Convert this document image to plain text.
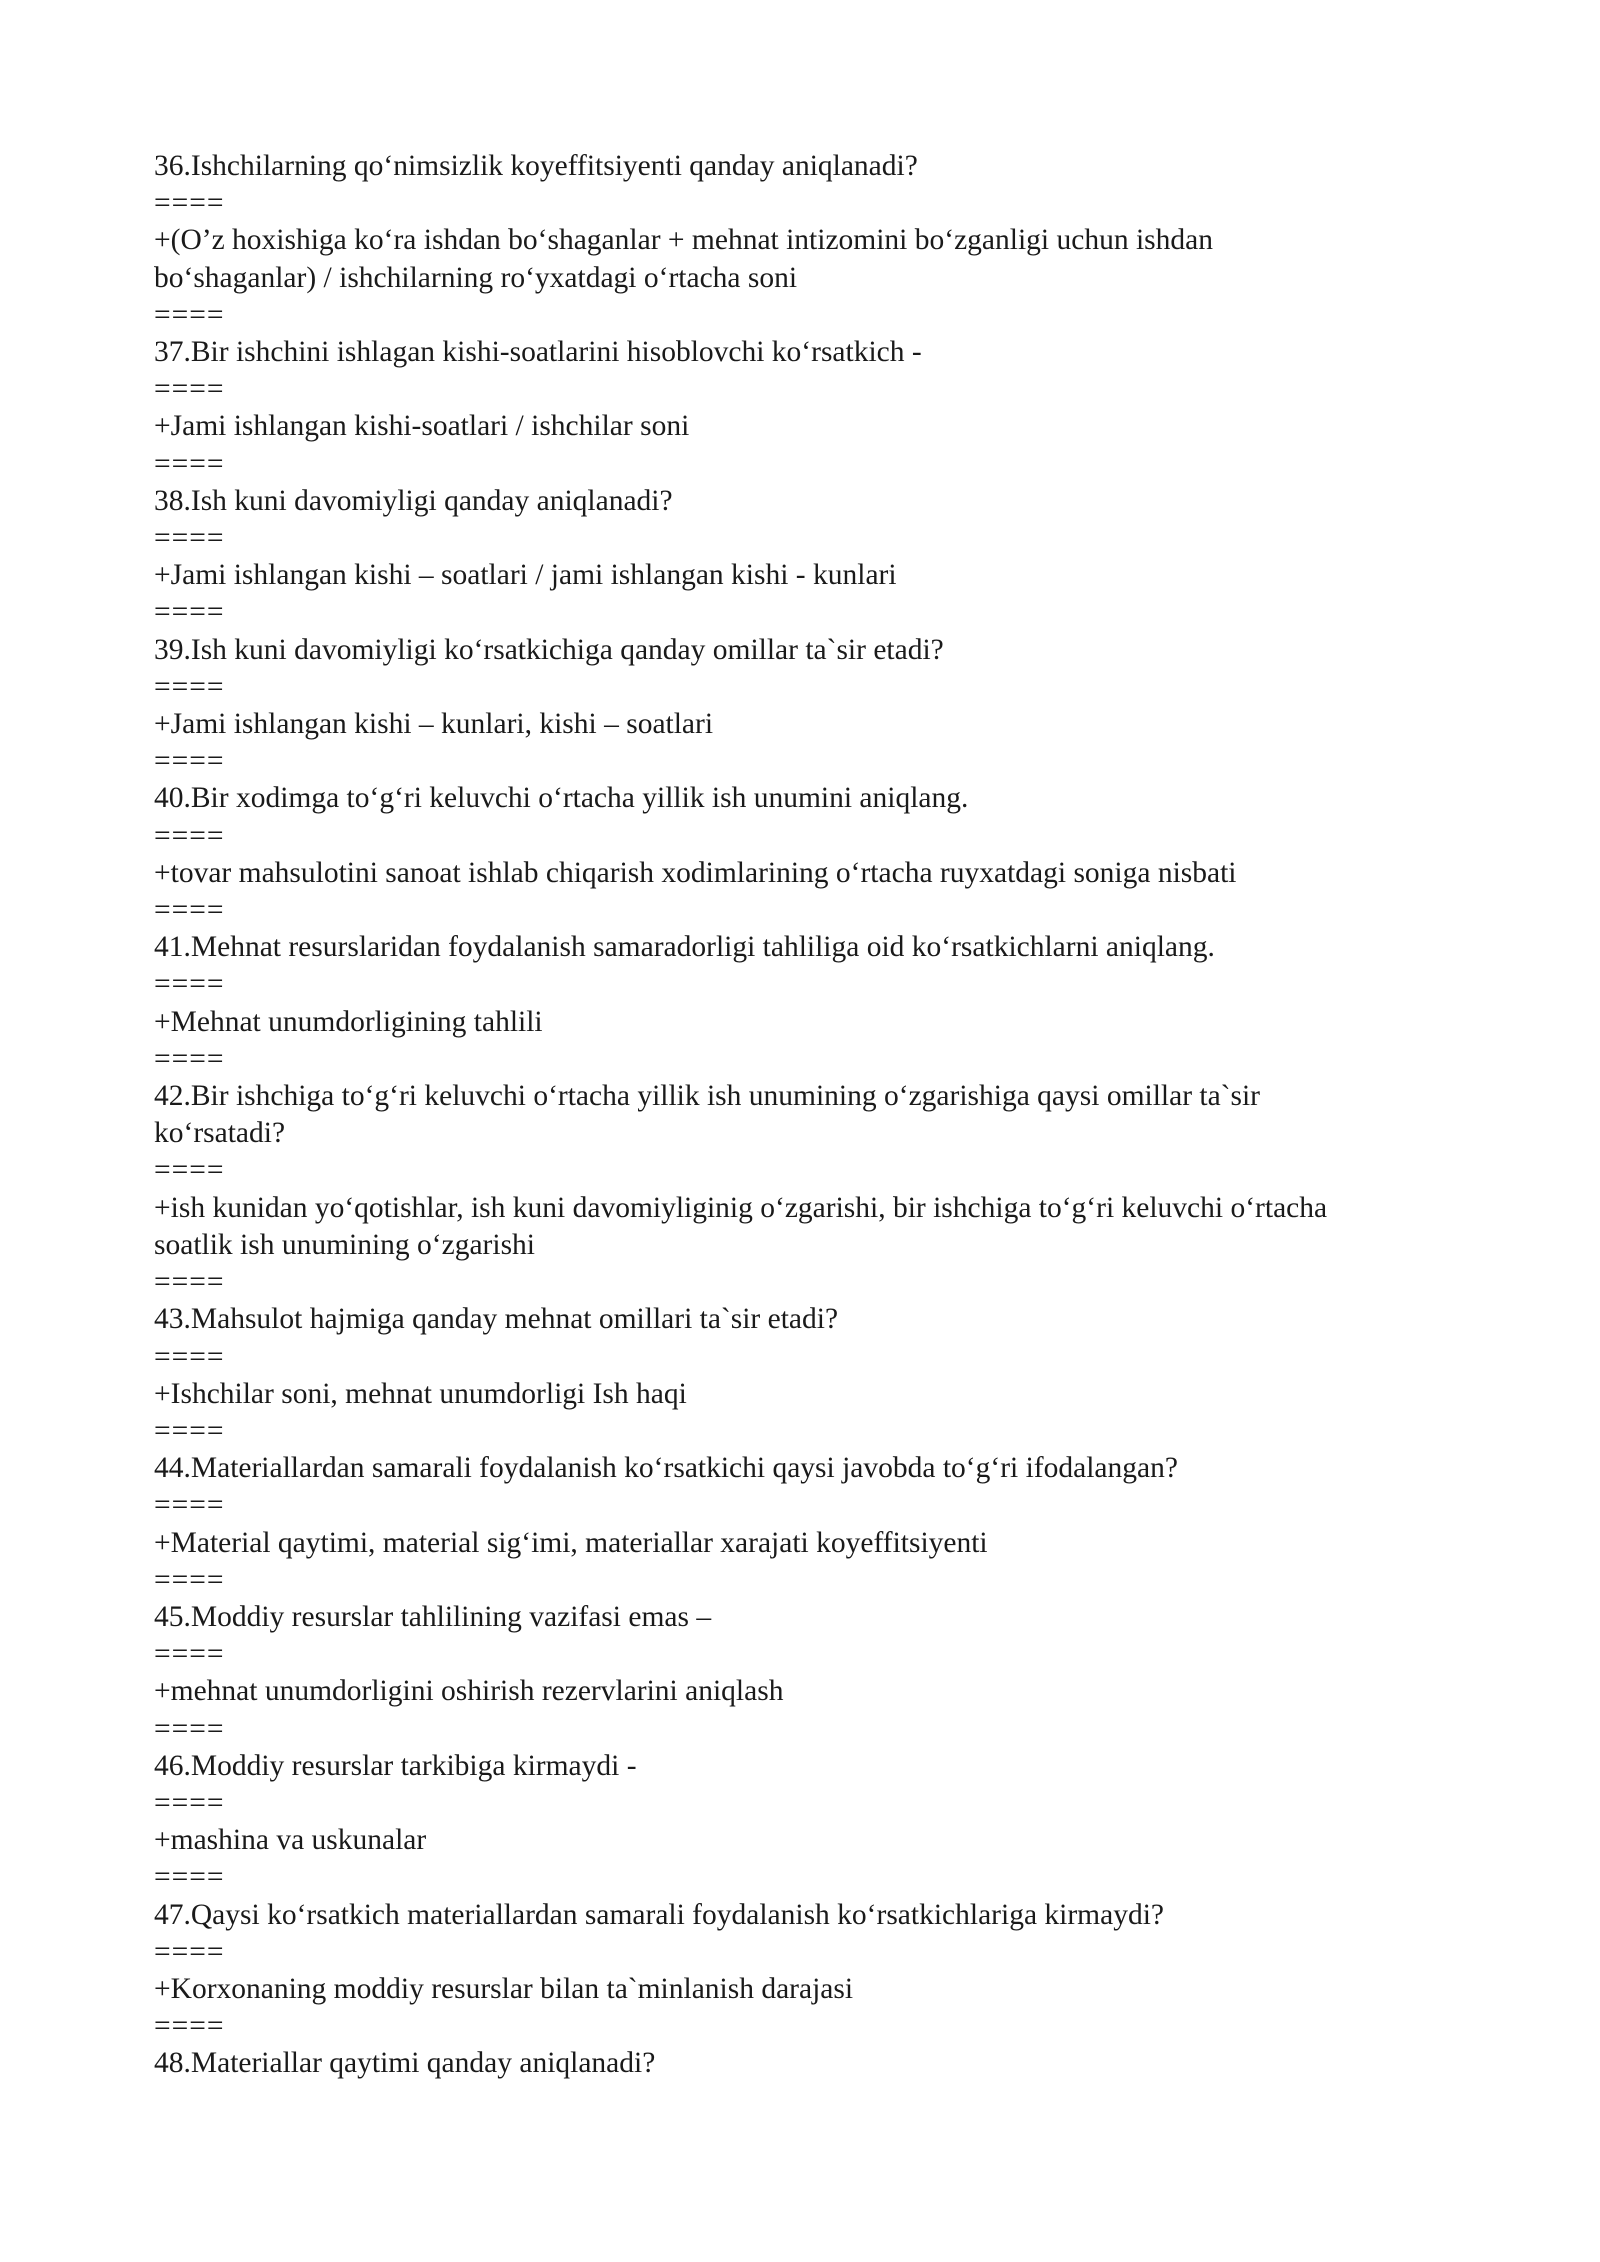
36.Ishchilarning qo‘nimsizlik koyeffitsiyenti qanday aniqlanadi?
====
+(O’z hoxishiga ko‘ra ishdan bo‘shaganlar + mehnat intizomini bo‘zganligi uchun ishdan
bo‘shaganlar) / ishchilarning ro‘yxatdagi o‘rtacha soni
====
37.Bir ishchini ishlagan kishi-soatlarini hisoblovchi ko‘rsatkich -
====
+Jami ishlangan kishi-soatlari / ishchilar soni
====
38.Ish kuni davomiyligi qanday aniqlanadi?
====
+Jami ishlangan kishi – soatlari / jami ishlangan kishi - kunlari
====
39.Ish kuni davomiyligi ko‘rsatkichiga qanday omillar ta`sir etadi?
====
+Jami ishlangan kishi – kunlari, kishi – soatlari
====
40.Bir xodimga to‘g‘ri keluvchi o‘rtacha yillik ish unumini aniqlang.
====
+tovar mahsulotini sanoat ishlab chiqarish xodimlarining o‘rtacha ruyxatdagi soniga nisbati
====
41.Mehnat resurslaridan foydalanish samaradorligi tahliliga oid ko‘rsatkichlarni aniqlang.
====
+Mehnat unumdorligining tahlili
====
42.Bir ishchiga to‘g‘ri keluvchi o‘rtacha yillik ish unumining o‘zgarishiga qaysi omillar ta`sir
ko‘rsatadi?
====
+ish kunidan yo‘qotishlar, ish kuni davomiyliginig o‘zgarishi, bir ishchiga to‘g‘ri keluvchi o‘rtacha
soatlik ish unumining o‘zgarishi
====
43.Mahsulot hajmiga qanday mehnat omillari ta`sir etadi?
====
+Ishchilar soni, mehnat unumdorligi Ish haqi
====
44.Materiallardan samarali foydalanish ko‘rsatkichi qaysi javobda to‘g‘ri ifodalangan?
====
+Material qaytimi, material sig‘imi, materiallar xarajati koyeffitsiyenti
====
45.Moddiy resurslar tahlilining vazifasi emas –
====
+mehnat unumdorligini oshirish rezervlarini aniqlash
====
46.Moddiy resurslar tarkibiga kirmaydi -
====
+mashina va uskunalar
====
47.Qaysi ko‘rsatkich materiallardan samarali foydalanish ko‘rsatkichlariga kirmaydi?
====
+Korxonaning moddiy resurslar bilan ta`minlanish darajasi
====
48.Materiallar qaytimi qanday aniqlanadi?
